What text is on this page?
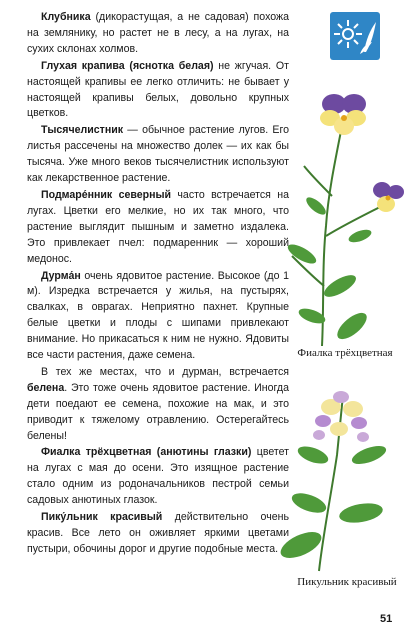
Клубника (дикорастущая, а не садовая) похожа на землянику, но растет не в лесу, а на лугах, на сухих склонах холмов.

Глухая крапива (яснотка белая) не жгучая. От настоящей крапивы ее легко отличить: не бывает у настоящей крапивы белых, довольно крупных цветков.

Тысячелистник — обычное растение лугов. Его листья рассечены на множество долек — их как бы тысяча. Уже много веков тысячелистник используют как лекарственное растение.

Подмаре́нник северный часто встречается на лугах. Цветки его мелкие, но их так много, что растение выглядит пышным и заметно издалека. Это привлекает пчел: подмаренник — хороший медонос.

Дурма́н очень ядовитое растение. Высокое (до 1 м). Изредка встречается у жилья, на пустырях, свалках, в оврагах. Неприятно пахнет. Крупные белые цветки и плоды с шипами привлекают внимание. Но прикасаться к ним не нужно. Ядовиты все части растения, даже семена.

В тех же местах, что и дурман, встречается белена. Это тоже очень ядовитое растение. Иногда дети поедают ее семена, похожие на мак, и это приводит к тяжелому отравлению. Остерегайтесь белены!

Фиалка трёхцветная (анютины глазки) цветет на лугах с мая до осени. Это изящное растение стало одним из родоначальников пестрой семьи садовых анютиных глазок.

Пику́льник красивый действительно очень красив. Все лето он оживляет яркими цветами пустыри, обочины дорог и другие подобные места.

Фиалка трёхцветная
Пикульник красивый
51
